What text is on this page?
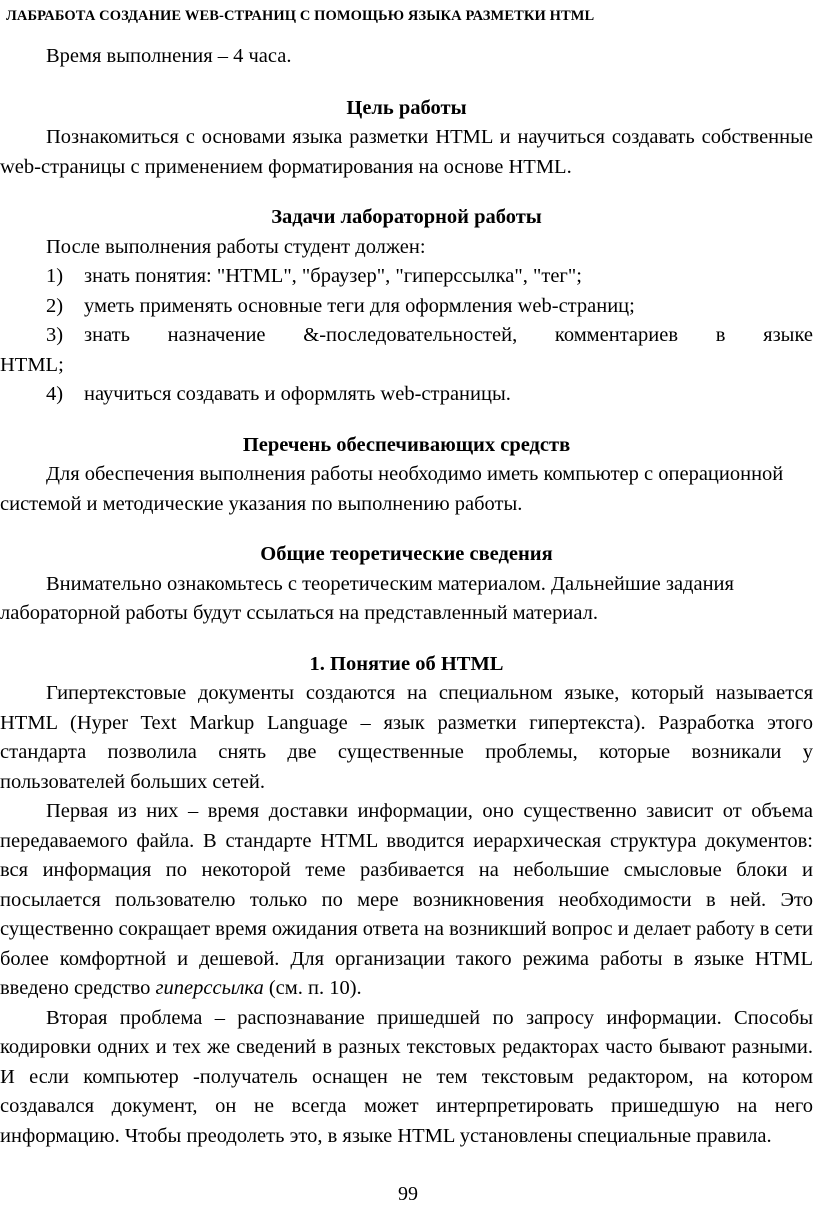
ЛАБРАБОТА СОЗДАНИЕ WEB-СТРАНИЦ С ПОМОЩЬЮ ЯЗЫКА РАЗМЕТКИ HTML

Время выполнения – 4 часа.

Цель работы

Познакомиться с основами языка разметки HTML и научиться создавать собственные web-страницы с применением форматирования на основе HTML.

Задачи лабораторной работы

После выполнения работы студент должен:

1)	знать понятия: "HTML", "браузер", "гиперссылка", "тег";
2)	уметь применять основные теги для оформления web-страниц;
3)	знать назначение &-последовательностей, комментариев в языке

HTML;

4)	научиться создавать и оформлять web-страницы.

Перечень обеспечивающих средств

Для обеспечения выполнения работы необходимо иметь компьютер с операционной системой и методические указания по выполнению работы.

Общие теоретические сведения

Внимательно ознакомьтесь с теоретическим материалом. Дальнейшие задания лабораторной работы будут ссылаться на представленный материал.

1. Понятие об HTML

Гипертекстовые документы создаются на специальном языке, который называется HTML (Hyper Text Markup Language – язык разметки гипертекста). Разработка этого стандарта позволила снять две существенные проблемы, которые возникали у пользователей больших сетей.

Первая из них – время доставки информации, оно существенно зависит от объема передаваемого файла. В стандарте HTML вводится иерархическая структура документов: вся информация по некоторой теме разбивается на небольшие смысловые блоки и посылается пользователю только по мере возникновения необходимости в ней. Это существенно сокращает время ожидания ответа на возникший вопрос и делает работу в сети более комфортной и дешевой. Для организации такого режима работы в языке HTML введено средство гиперссылка (см. п. 10).

Вторая проблема – распознавание пришедшей по запросу информации. Способы кодировки одних и тех же сведений в разных текстовых редакторах часто бывают разными. И если компьютер -получатель оснащен не тем текстовым редактором, на котором создавался документ, он не всегда может интерпретировать пришедшую на него информацию. Чтобы преодолеть это, в языке HTML установлены специальные правила.

99
